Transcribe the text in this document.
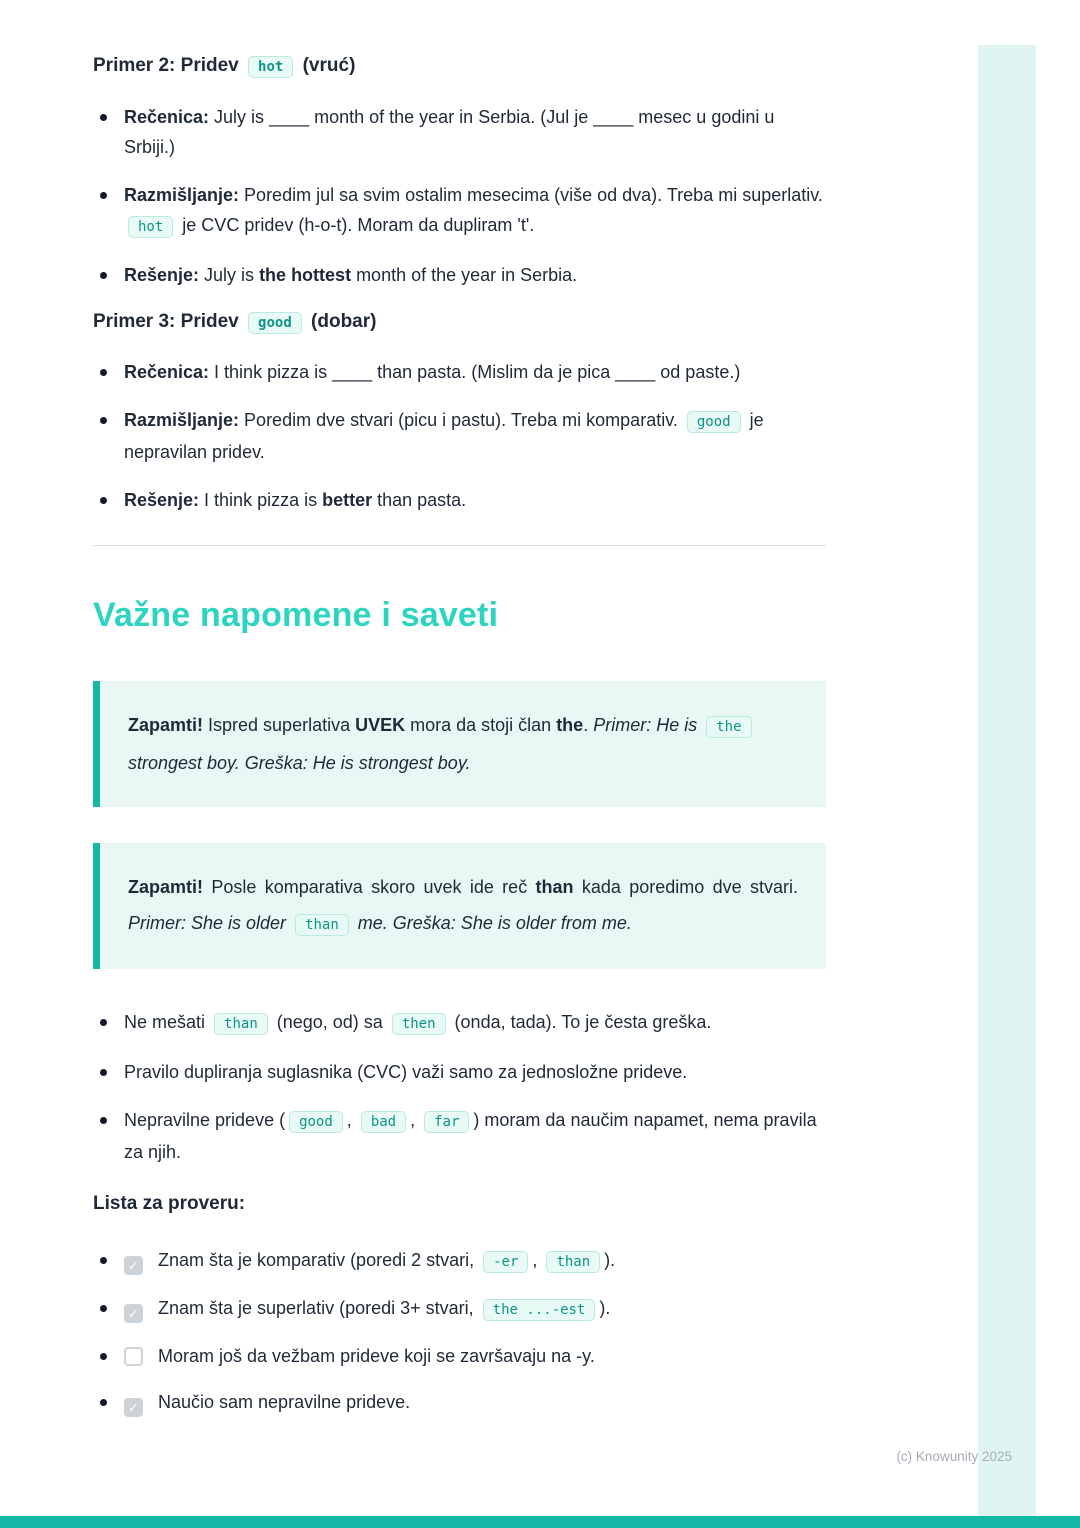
Primer 2: Pridev hot (vruć)
Rečenica: July is ____ month of the year in Serbia. (Jul je ____ mesec u godini u Srbiji.)
Razmišljanje: Poredim jul sa svim ostalim mesecima (više od dva). Treba mi superlativ. hot je CVC pridev (h-o-t). Moram da dupliram 't'.
Rešenje: July is the hottest month of the year in Serbia.
Primer 3: Pridev good (dobar)
Rečenica: I think pizza is ____ than pasta. (Mislim da je pica ____ od paste.)
Razmišljanje: Poredim dve stvari (picu i pastu). Treba mi komparativ. good je nepravilan pridev.
Rešenje: I think pizza is better than pasta.
Važne napomene i saveti
Zapamti! Ispred superlativa UVEK mora da stoji član the. Primer: He is the strongest boy. Greška: He is strongest boy.
Zapamti! Posle komparativa skoro uvek ide reč than kada poredimo dve stvari. Primer: She is older than me. Greška: She is older from me.
Ne mešati than (nego, od) sa then (onda, tada). To je česta greška.
Pravilo dupliranja suglasnika (CVC) važi samo za jednosložne prideve.
Nepravilne prideve ( good , bad , far ) moram da naučim napamet, nema pravila za njih.
Lista za proveru:
✓ Znam šta je komparativ (poredi 2 stvari, -er , than ).
✓ Znam šta je superlativ (poredi 3+ stvari, the ...-est ).
Moram još da vežbam prideve koji se završavaju na -y.
✓ Naučio sam nepravilne prideve.
(c) Knowunity 2025
